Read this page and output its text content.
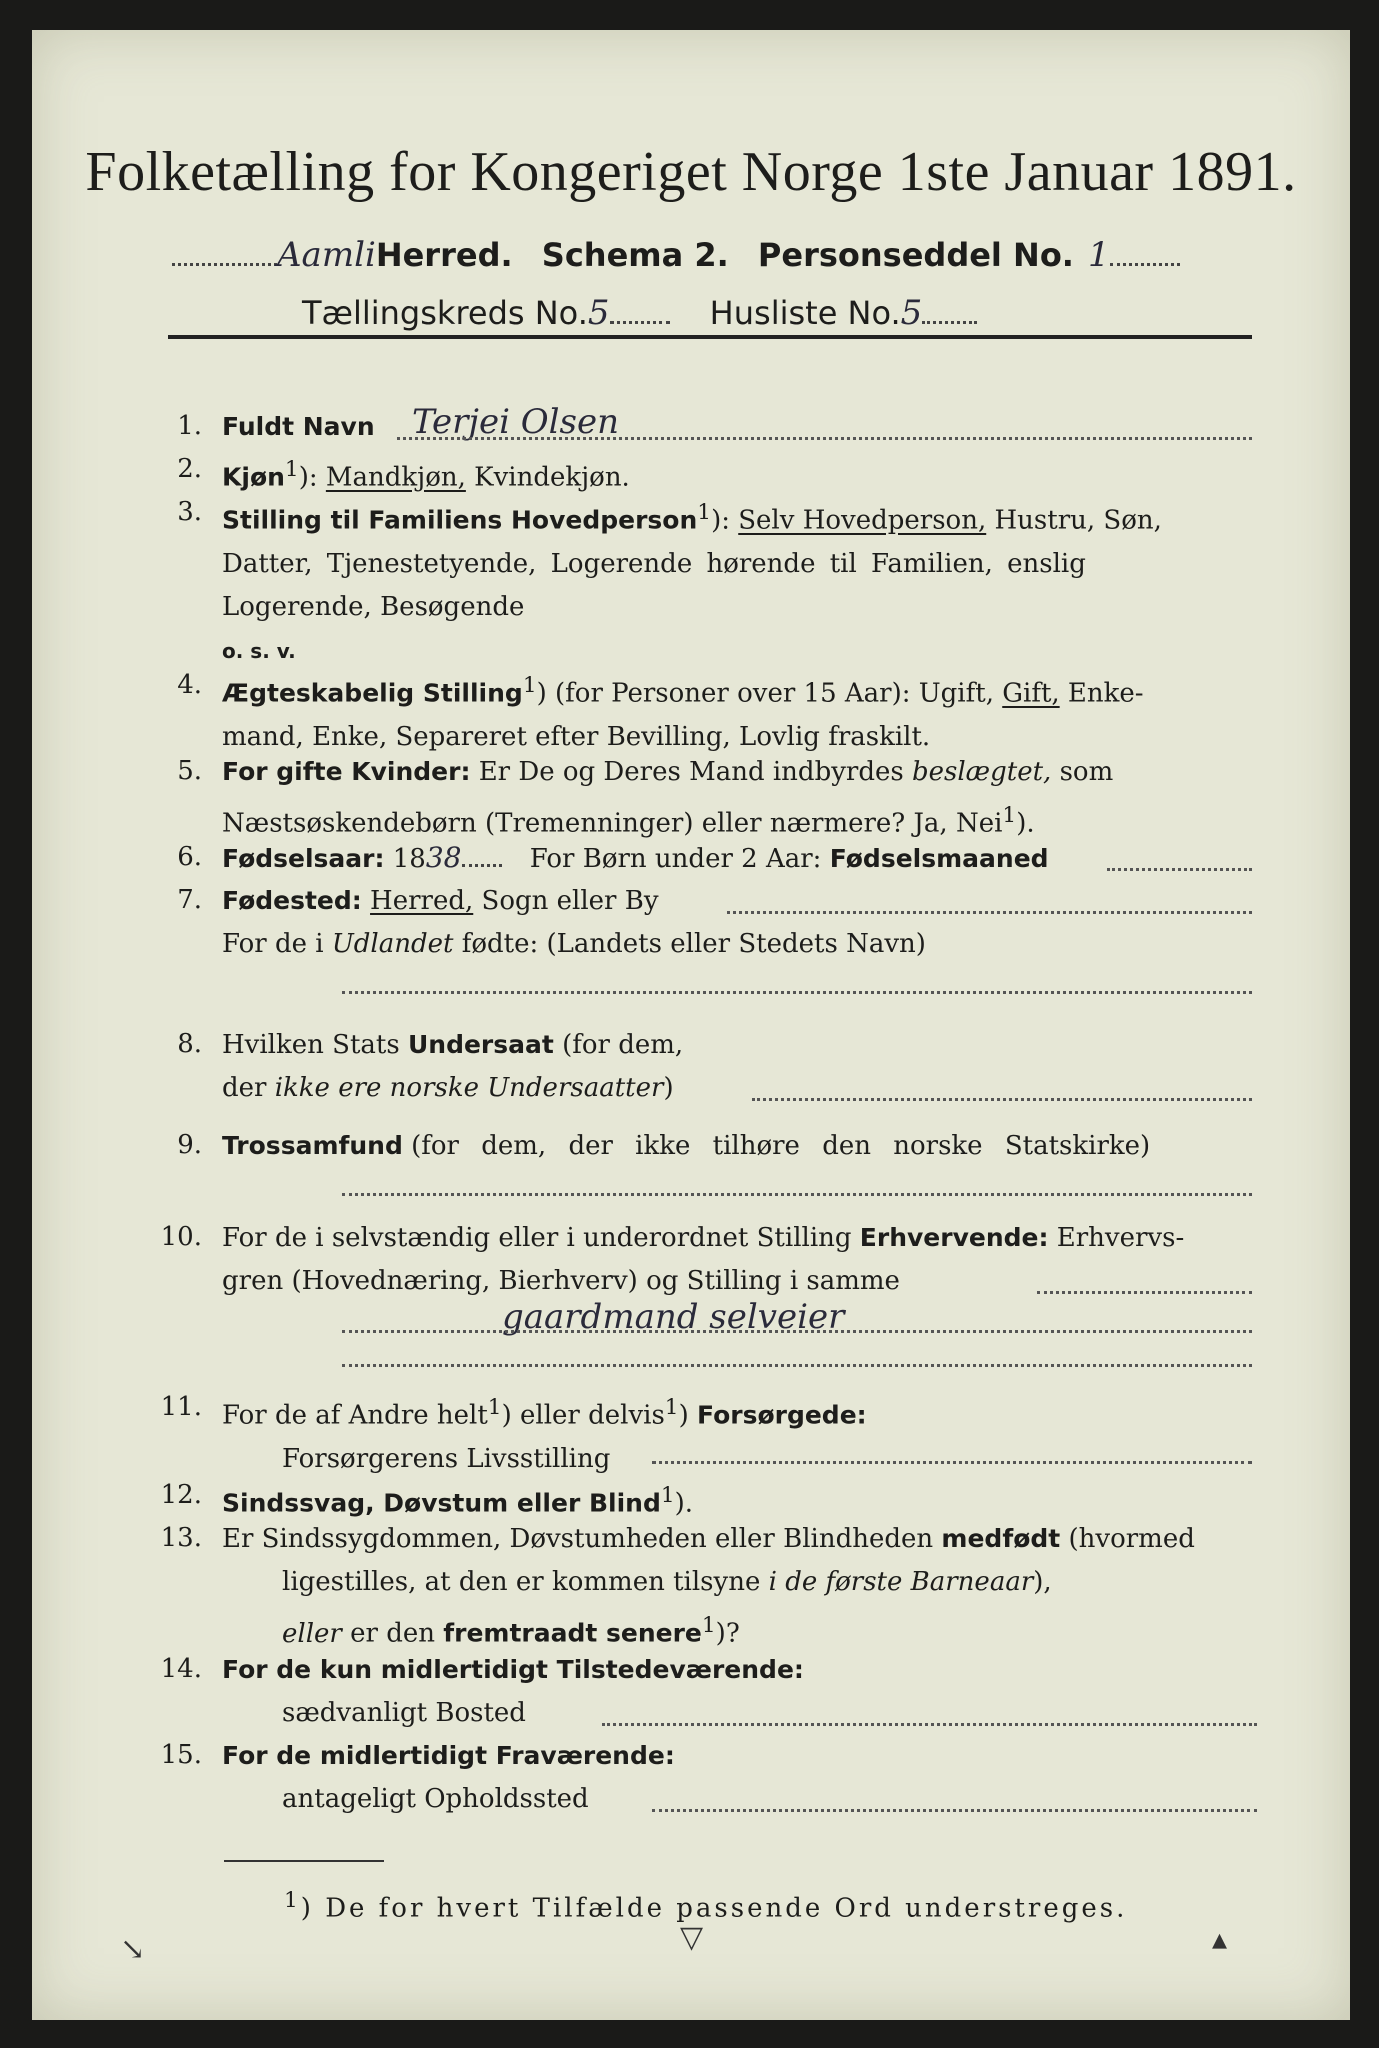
Folketælling for Kongeriget Norge 1ste Januar 1891.
AamliHerred. Schema 2. Personseddel No. 1
Tællingskreds No.5	Husliste No.5
1. Fuldt Navn Terjei Olsen
2. Kjøn$^1$): Mandkjøn, Kvindekjøn.
3. Stilling til Familiens Hovedperson$^1$): Selv Hovedperson, Hustru, Søn,
Datter, Tjenestetyende, Logerende hørende til Familien, enslig
Logerende, Besøgende
o. s. v.
4. Ægteskabelig Stilling$^1$) (for Personer over 15 Aar): Ugift, Gift, Enke-
mand, Enke, Separeret efter Bevilling, Lovlig fraskilt.
5. For gifte Kvinder: Er De og Deres Mand indbyrdes beslægtet, som
Næstsøskendebørn (Tremenninger) eller nærmere? Ja, Nei$^1$).
6. Fødselsaar: 1838	For Børn under 2 Aar: Fødselsmaaned
7. Fødested: Herred, Sogn eller By
For de i Udlandet fødte: (Landets eller Stedets Navn)
8. Hvilken Stats Undersaat (for dem,
der ikke ere norske Undersaatter)
9. Trossamfund (for dem, der ikke tilhøre den norske Statskirke)
10. For de i selvstændig eller i underordnet Stilling Erhvervende: Erhvervs-
gren (Hovednæring, Bierhverv) og Stilling i samme
gaardmand selveier
11. For de af Andre helt$^1$) eller delvis$^1$) Forsørgede:
Forsørgerens Livsstilling
12. Sindssvag, Døvstum eller Blind$^1$).
13. Er Sindssygdommen, Døvstumheden eller Blindheden medfødt (hvormed
ligestilles, at den er kommen tilsyne i de første Barneaar),
eller er den fremtraadt senere$^1$)?
14. For de kun midlertidigt Tilstedeværende:
sædvanligt Bosted
15. For de midlertidigt Fraværende:
antageligt Opholdssted
$^1$) De for hvert Tilfælde passende Ord understreges.
↘	▽	▴
